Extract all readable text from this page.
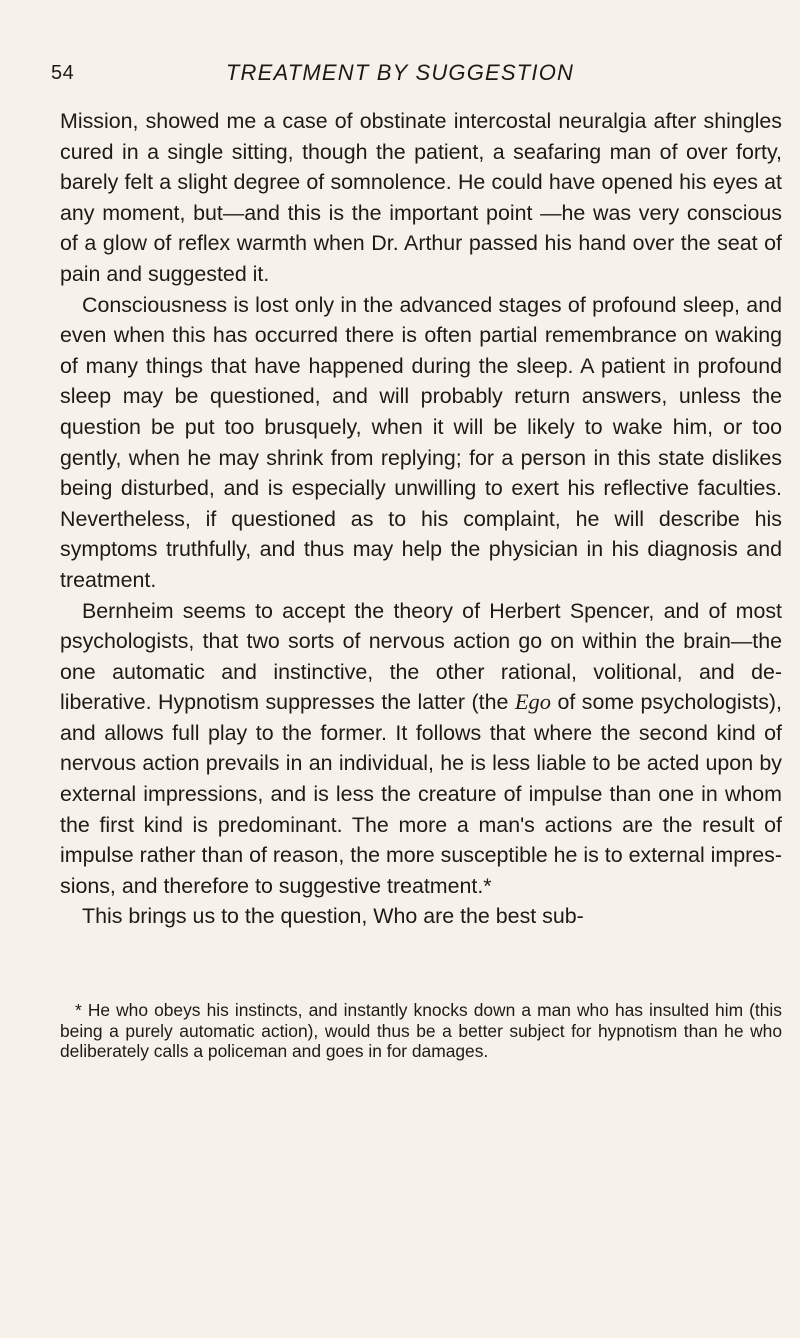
54	TREATMENT BY SUGGESTION

Mission, showed me a case of obstinate intercostal neuralgia after shingles cured in a single sitting, though the patient, a seafaring man of over forty, barely felt a slight degree of somnolence. He could have opened his eyes at any moment, but—and this is the important point —he was very conscious of a glow of reflex warmth when Dr. Arthur passed his hand over the seat of pain and suggested it.

Consciousness is lost only in the advanced stages of profound sleep, and even when this has occurred there is often partial remembrance on waking of many things that have happened during the sleep. A patient in profound sleep may be questioned, and will probably return answers, unless the question be put too brusquely, when it will be likely to wake him, or too gently, when he may shrink from replying; for a person in this state dislikes being disturbed, and is especially unwilling to exert his reflective faculties. Nevertheless, if questioned as to his complaint, he will describe his symptoms truthfully, and thus may help the physician in his diagnosis and treatment.

Bernheim seems to accept the theory of Herbert Spencer, and of most psychologists, that two sorts of nervous action go on within the brain—the one automatic and instinctive, the other rational, volitional, and de- liberative. Hypnotism suppresses the latter (the Ego of some psychologists), and allows full play to the former. It follows that where the second kind of nervous action prevails in an individual, he is less liable to be acted upon by external impressions, and is less the creature of impulse than one in whom the first kind is predominant. The more a man's actions are the result of impulse rather than of reason, the more susceptible he is to external impres- sions, and therefore to suggestive treatment.*

This brings us to the question, Who are the best sub-

* He who obeys his instincts, and instantly knocks down a man who has insulted him (this being a purely automatic action), would thus be a better subject for hypnotism than he who deliberately calls a policeman and goes in for damages.
